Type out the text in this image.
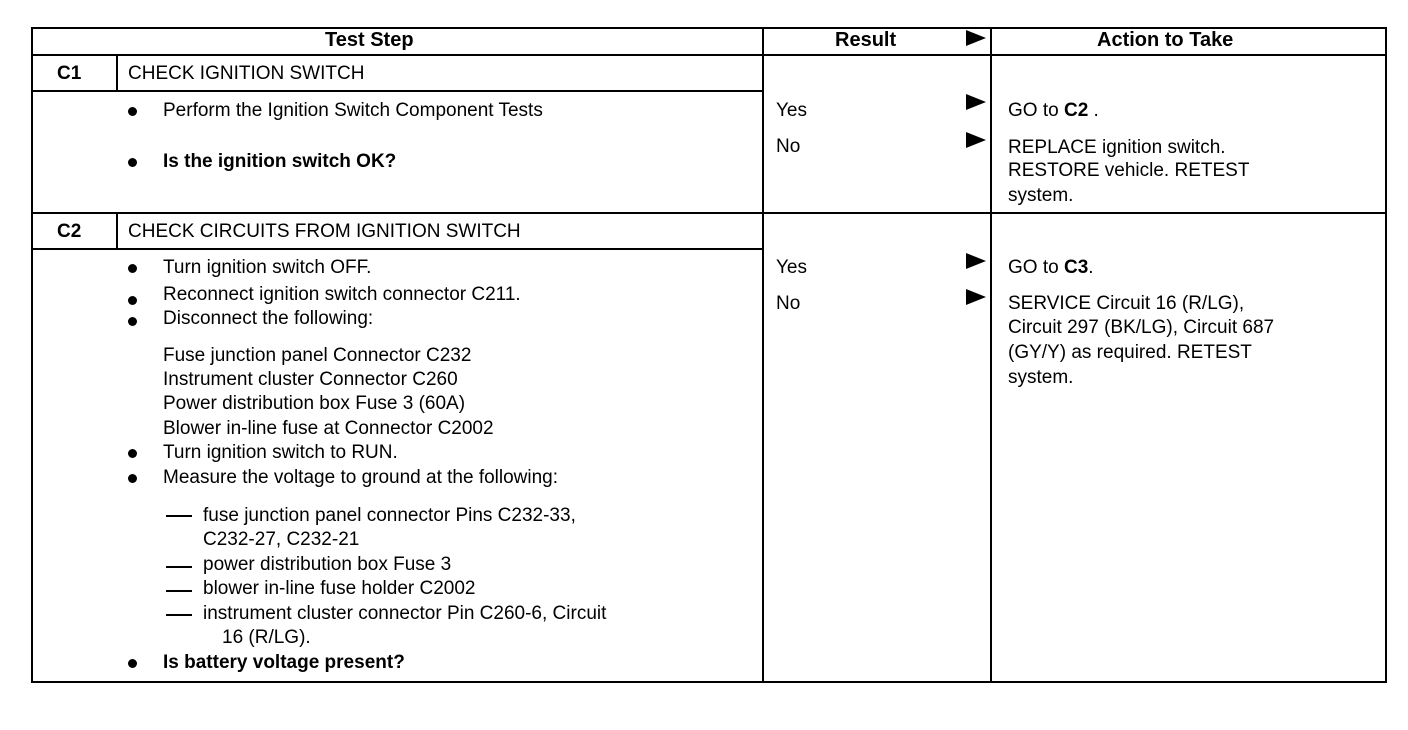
Test Step	Result	Action to Take
C1 CHECK IGNITION SWITCH
Perform the Ignition Switch Component Tests
Is the ignition switch OK?
Yes	GO to C2 .
No	REPLACE ignition switch.
RESTORE vehicle. RETEST
system.
C2 CHECK CIRCUITS FROM IGNITION SWITCH
Turn ignition switch OFF.
Reconnect ignition switch connector C211.
Disconnect the following:
Fuse junction panel Connector C232
Instrument cluster Connector C260
Power distribution box Fuse 3 (60A)
Blower in-line fuse at Connector C2002
Turn ignition switch to RUN.
Measure the voltage to ground at the following:
fuse junction panel connector Pins C232-33,
C232-27, C232-21
power distribution box Fuse 3
blower in-line fuse holder C2002
instrument cluster connector Pin C260-6, Circuit
16 (R/LG).
Is battery voltage present?
Yes	GO to C3.
No	SERVICE Circuit 16 (R/LG),
Circuit 297 (BK/LG), Circuit 687
(GY/Y) as required. RETEST
system.
